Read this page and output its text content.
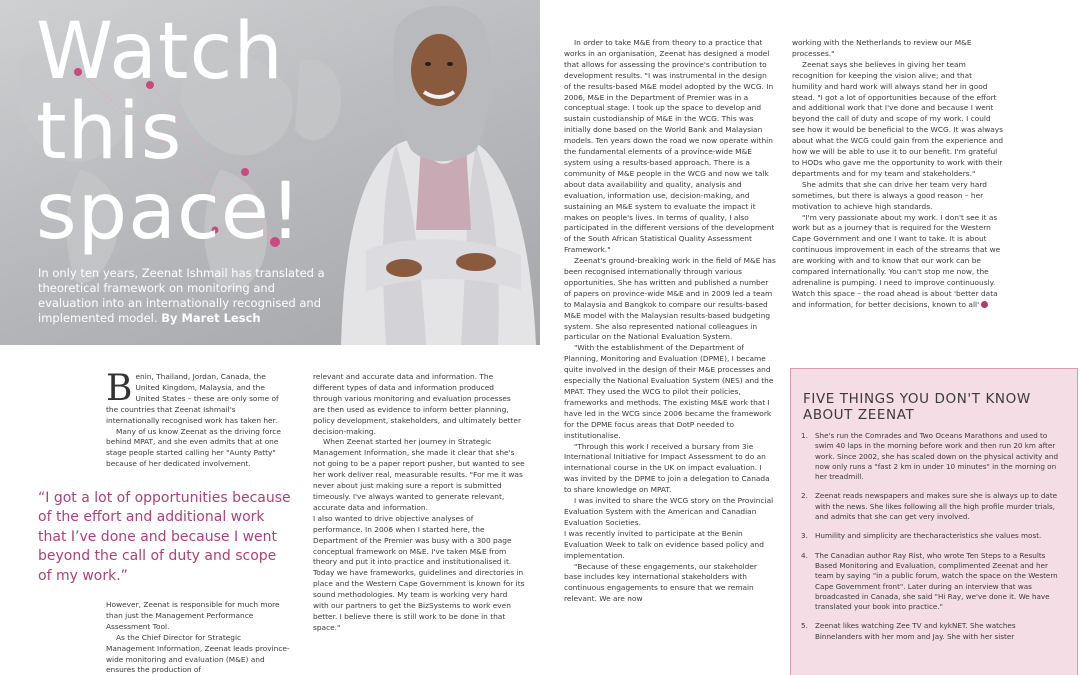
Watch
this
space!

In only ten years, Zeenat Ishmail has translated a theoretical framework on monitoring and evaluation into an internationally recognised and implemented model. By Maret Lesch

Benin, Thailand, Jordan, Canada, the United Kingdom, Malaysia, and the United States – these are only some of the countries that Zeenat Ishmail's internationally recognised work has taken her.

Many of us know Zeenat as the driving force behind MPAT, and she even admits that at one stage people started calling her "Aunty Patty" because of her dedicated involvement.

“I got a lot of opportunities because of the effort and additional work that I’ve done and because I went beyond the call of duty and scope of my work.”

However, Zeenat is responsible for much more than just the Management Performance Assessment Tool.

As the Chief Director for Strategic Management Information, Zeenat leads province-wide monitoring and evaluation (M&E) and ensures the production of

relevant and accurate data and information. The different types of data and information produced through various monitoring and evaluation processes are then used as evidence to inform better planning, policy development, stakeholders, and ultimately better decision-making.

When Zeenat started her journey in Strategic Management Information, she made it clear that she's not going to be a paper report pusher, but wanted to see her work deliver real, measurable results. "For me it was never about just making sure a report is submitted timeously. I've always wanted to generate relevant, accurate data and information.

I also wanted to drive objective analyses of performance. In 2006 when I started here, the Department of the Premier was busy with a 300 page conceptual framework on M&E. I've taken M&E from theory and put it into practice and institutionalised it. Today we have frameworks, guidelines and directories in place and the Western Cape Government is known for its sound methodologies. My team is working very hard with our partners to get the BizSystems to work even better. I believe there is still work to be done in that space."

In order to take M&E from theory to a practice that works in an organisation, Zeenat has designed a model that allows for assessing the province's contribution to development results. "I was instrumental in the design of the results-based M&E model adopted by the WCG. In 2006, M&E in the Department of Premier was in a conceptual stage. I took up the space to develop and sustain custodianship of M&E in the WCG. This was initially done based on the World Bank and Malaysian models. Ten years down the road we now operate within the fundamental elements of a province-wide M&E system using a results-based approach. There is a community of M&E people in the WCG and now we talk about data availability and quality, analysis and evaluation, information use, decision-making, and sustaining an M&E system to evaluate the impact it makes on people's lives. In terms of quality, I also participated in the different versions of the development of the South African Statistical Quality Assessment Framework."

Zeenat's ground-breaking work in the field of M&E has been recognised internationally through various opportunities. She has written and published a number of papers on province-wide M&E and in 2009 led a team to Malaysia and Bangkok to compare our results-based M&E model with the Malaysian results-based budgeting system. She also represented national colleagues in particular on the National Evaluation System.

"With the establishment of the Department of Planning, Monitoring and Evaluation (DPME), I became quite involved in the design of their M&E processes and especially the National Evaluation System (NES) and the MPAT. They used the WCG to pilot their policies, frameworks and methods. The existing M&E work that I have led in the WCG since 2006 became the framework for the DPME focus areas that DotP needed to institutionalise.

"Through this work I received a bursary from 3ie International Initiative for Impact Assessment to do an international course in the UK on impact evaluation. I was invited by the DPME to join a delegation to Canada to share knowledge on MPAT.

I was invited to share the WCG story on the Provincial Evaluation System with the American and Canadian Evaluation Societies.

I was recently invited to participate at the Benin Evaluation Week to talk on evidence based policy and implementation.

"Because of these engagements, our stakeholder base includes key international stakeholders with continuous engagements to ensure that we remain relevant. We are now

working with the Netherlands to review our M&E processes."

Zeenat says she believes in giving her team recognition for keeping the vision alive; and that humility and hard work will always stand her in good stead. "I got a lot of opportunities because of the effort and additional work that I've done and because I went beyond the call of duty and scope of my work. I could see how it would be beneficial to the WCG. It was always about what the WCG could gain from the experience and how we will be able to use it to our benefit. I'm grateful to HODs who gave me the opportunity to work with their departments and for my team and stakeholders."

She admits that she can drive her team very hard sometimes, but there is always a good reason – her motivation to achieve high standards.

"I'm very passionate about my work. I don't see it as work but as a journey that is required for the Western Cape Government and one I want to take. It is about continuous improvement in each of the streams that we are working with and to know that our work can be compared internationally. You can't stop me now, the adrenaline is pumping. I need to improve continuously. Watch this space – the road ahead is about 'better data and information, for better decisions, known to all'

FIVE THINGS YOU DON'T KNOW ABOUT ZEENAT
1. She's run the Comrades and Two Oceans Marathons and used to swim 40 laps in the morning before work and then run 20 km after work. Since 2002, she has scaled down on the physical activity and now only runs a "fast 2 km in under 10 minutes" in the morning on her treadmill.
2. Zeenat reads newspapers and makes sure she is always up to date with the news. She likes following all the high profile murder trials, and admits that she can get very involved.
3. Humility and simplicity are thecharacteristics she values most.
4. The Canadian author Ray Rist, who wrote Ten Steps to a Results Based Monitoring and Evaluation, complimented Zeenat and her team by saying "in a public forum, watch the space on the Western Cape Government front". Later during an interview that was broadcasted in Canada, she said "Hi Ray, we've done it. We have translated your book into practice."
5. Zeenat likes watching Zee TV and kykNET. She watches Binnelanders with her mom and Jay. She with her sister
